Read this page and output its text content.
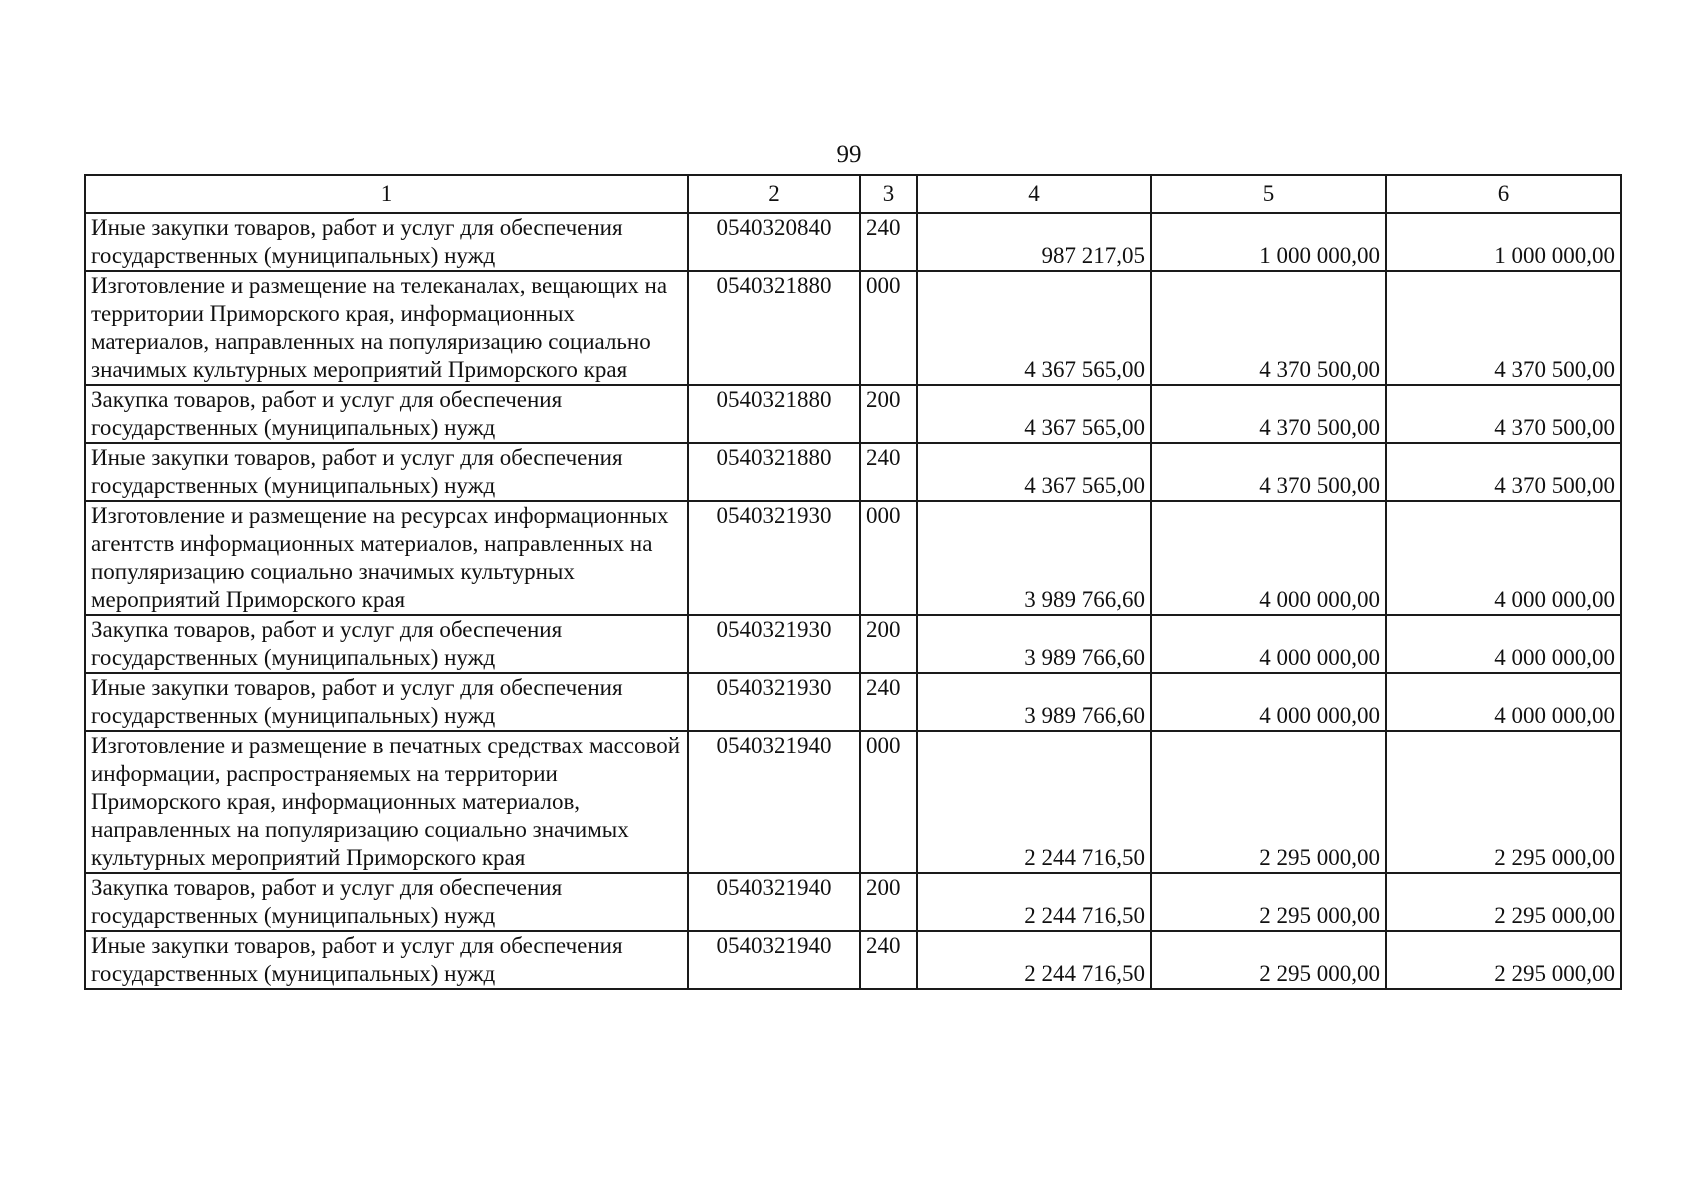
99
1	2	3	4	5	6
Иные закупки товаров, работ и услуг для обеспечения государственных (муниципальных) нужд	0540320840	240	987 217,05	1 000 000,00	1 000 000,00
Изготовление и размещение на телеканалах, вещающих на территории Приморского края, информационных материалов, направленных на популяризацию социально значимых культурных мероприятий Приморского края	0540321880	000	4 367 565,00	4 370 500,00	4 370 500,00
Закупка товаров, работ и услуг для обеспечения государственных (муниципальных) нужд	0540321880	200	4 367 565,00	4 370 500,00	4 370 500,00
Иные закупки товаров, работ и услуг для обеспечения государственных (муниципальных) нужд	0540321880	240	4 367 565,00	4 370 500,00	4 370 500,00
Изготовление и размещение на ресурсах информационных агентств информационных материалов, направленных на популяризацию социально значимых культурных мероприятий Приморского края	0540321930	000	3 989 766,60	4 000 000,00	4 000 000,00
Закупка товаров, работ и услуг для обеспечения государственных (муниципальных) нужд	0540321930	200	3 989 766,60	4 000 000,00	4 000 000,00
Иные закупки товаров, работ и услуг для обеспечения государственных (муниципальных) нужд	0540321930	240	3 989 766,60	4 000 000,00	4 000 000,00
Изготовление и размещение в печатных средствах массовой информации, распространяемых на территории Приморского края, информационных материалов, направленных на популяризацию социально значимых культурных мероприятий Приморского края	0540321940	000	2 244 716,50	2 295 000,00	2 295 000,00
Закупка товаров, работ и услуг для обеспечения государственных (муниципальных) нужд	0540321940	200	2 244 716,50	2 295 000,00	2 295 000,00
Иные закупки товаров, работ и услуг для обеспечения государственных (муниципальных) нужд	0540321940	240	2 244 716,50	2 295 000,00	2 295 000,00
